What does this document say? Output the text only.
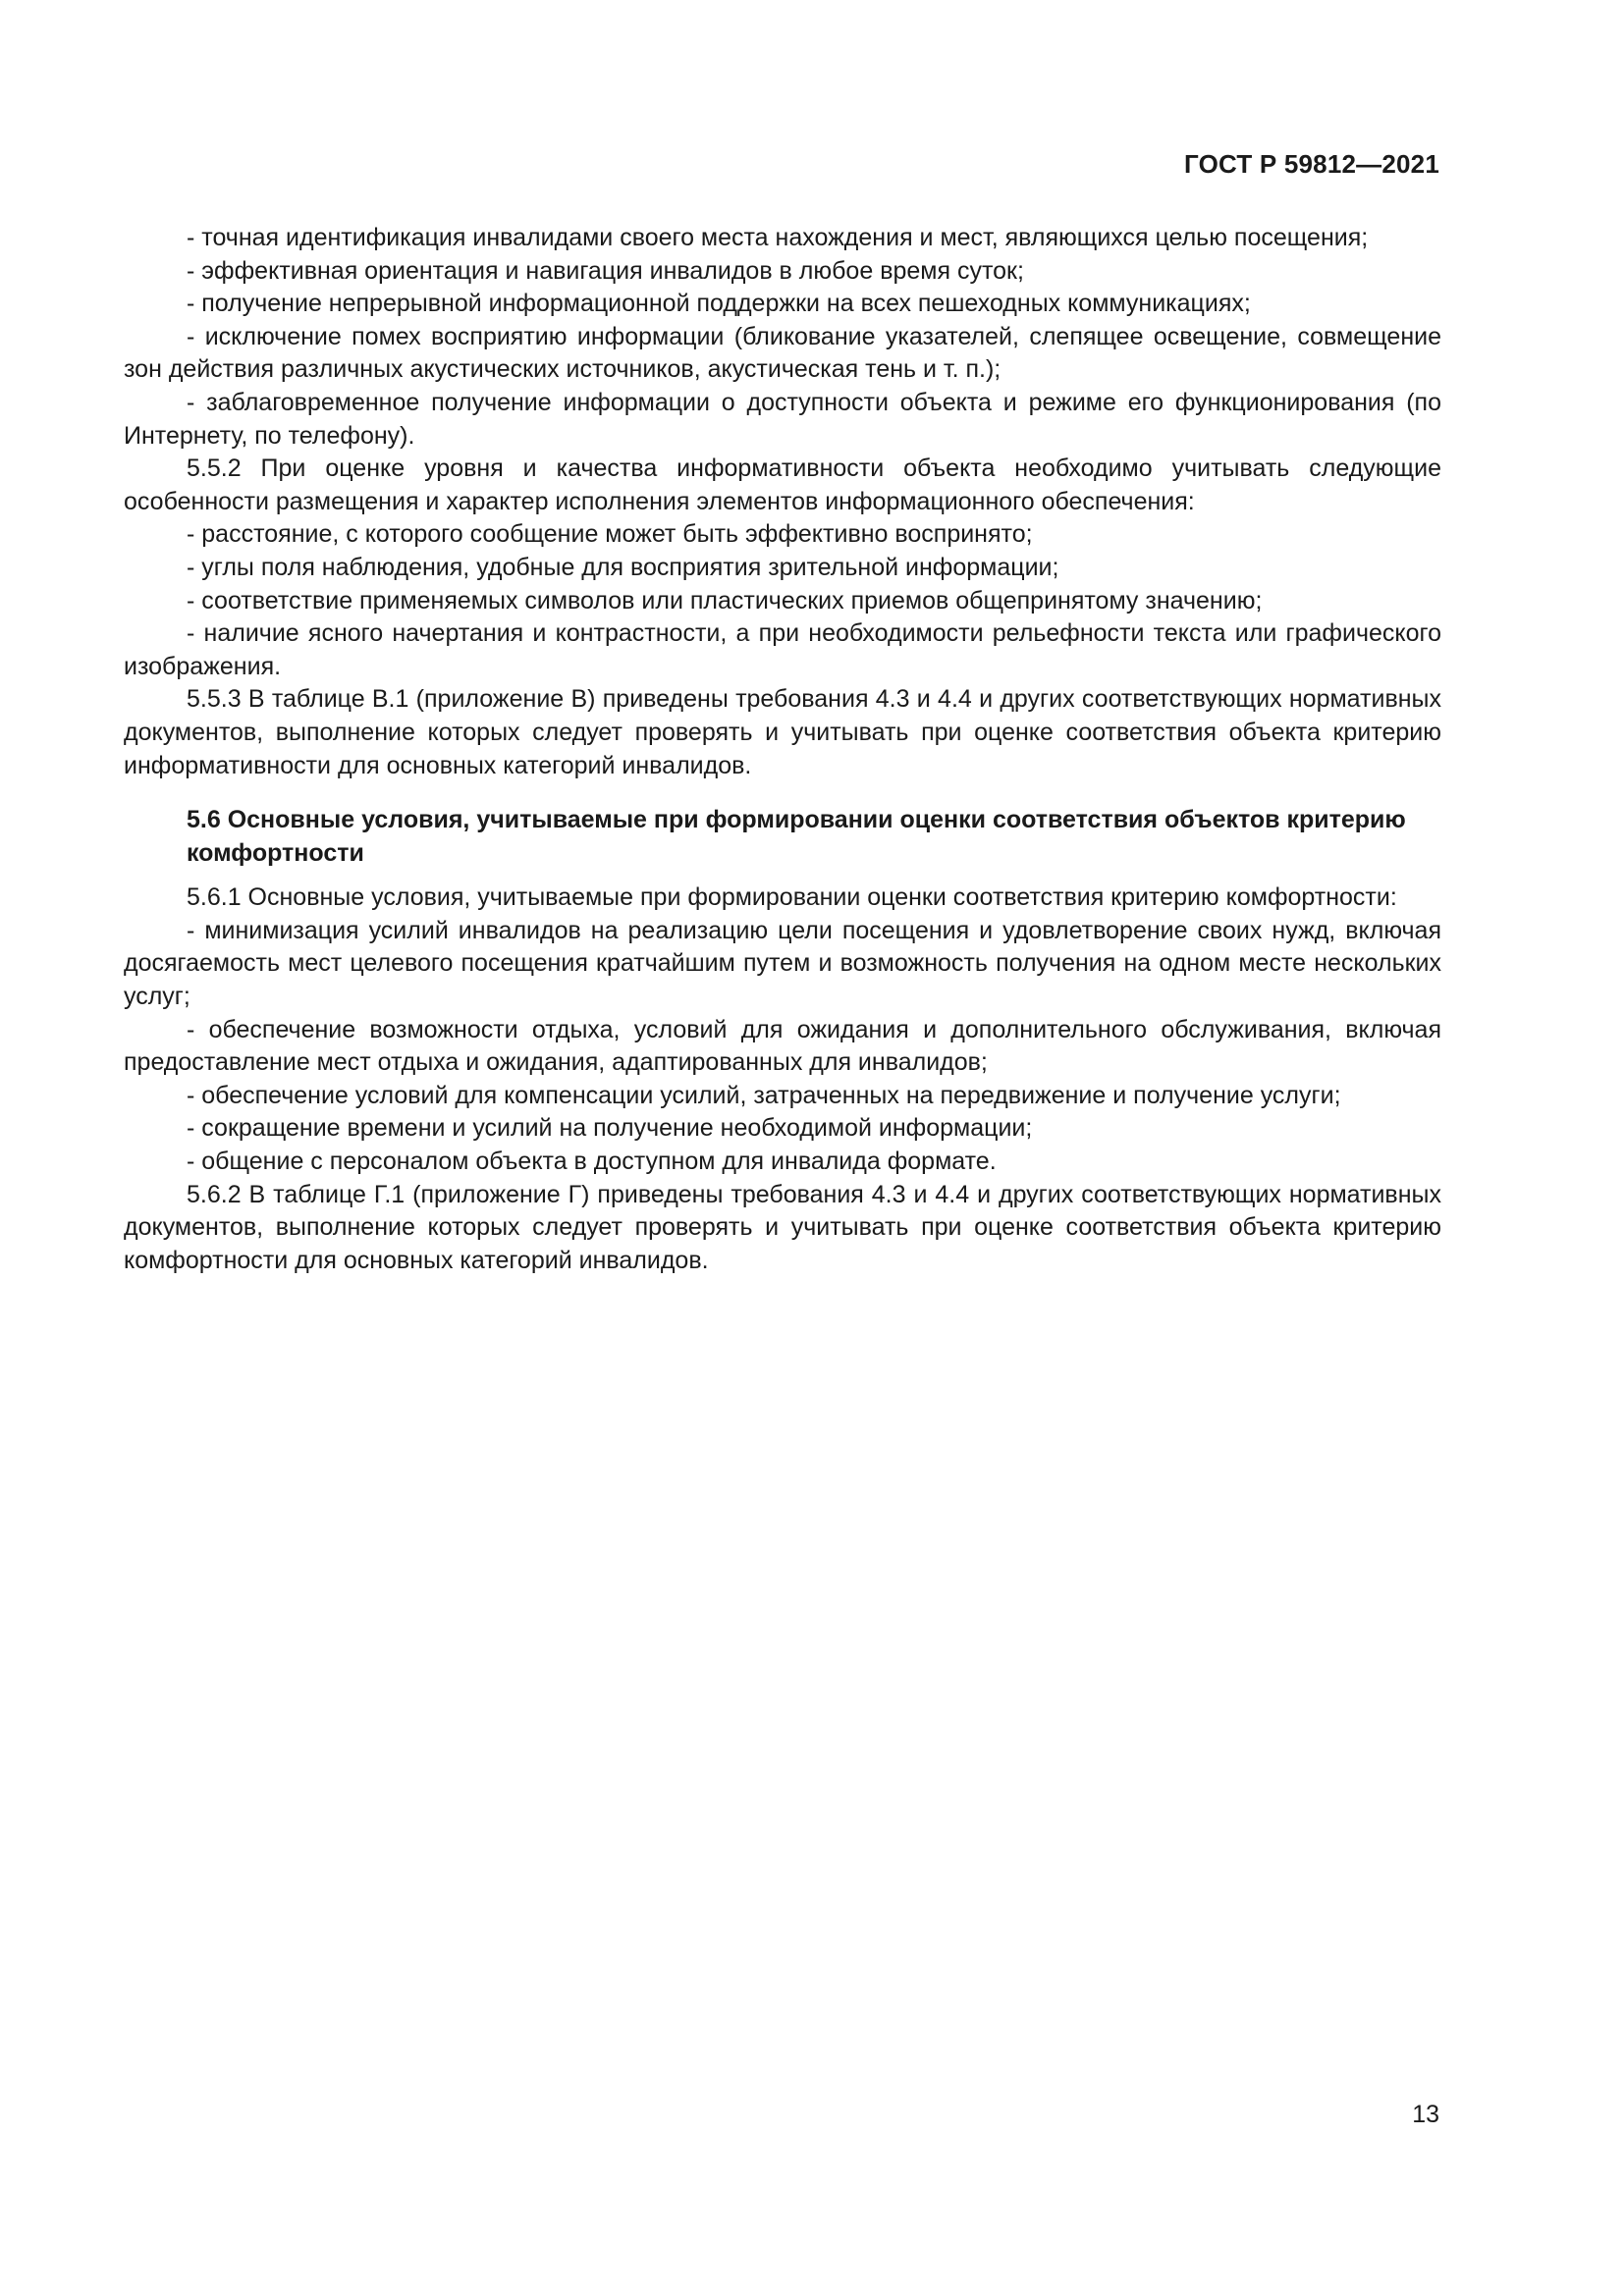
ГОСТ Р 59812—2021

- точная идентификация инвалидами своего места нахождения и мест, являющихся целью посещения;

- эффективная ориентация и навигация инвалидов в любое время суток;

- получение непрерывной информационной поддержки на всех пешеходных коммуникациях;

- исключение помех восприятию информации (бликование указателей, слепящее освещение, совмещение зон действия различных акустических источников, акустическая тень и т. п.);

- заблаговременное получение информации о доступности объекта и режиме его функционирования (по Интернету, по телефону).

5.5.2 При оценке уровня и качества информативности объекта необходимо учитывать следующие особенности размещения и характер исполнения элементов информационного обеспечения:

- расстояние, с которого сообщение может быть эффективно воспринято;

- углы поля наблюдения, удобные для восприятия зрительной информации;

- соответствие применяемых символов или пластических приемов общепринятому значению;

- наличие ясного начертания и контрастности, а при необходимости рельефности текста или графического изображения.

5.5.3 В таблице В.1 (приложение В) приведены требования 4.3 и 4.4 и других соответствующих нормативных документов, выполнение которых следует проверять и учитывать при оценке соответствия объекта критерию информативности для основных категорий инвалидов.

5.6 Основные условия, учитываемые при формировании оценки соответствия объектов критерию комфортности

5.6.1 Основные условия, учитываемые при формировании оценки соответствия критерию комфортности:

- минимизация усилий инвалидов на реализацию цели посещения и удовлетворение своих нужд, включая досягаемость мест целевого посещения кратчайшим путем и возможность получения на одном месте нескольких услуг;

- обеспечение возможности отдыха, условий для ожидания и дополнительного обслуживания, включая предоставление мест отдыха и ожидания, адаптированных для инвалидов;

- обеспечение условий для компенсации усилий, затраченных на передвижение и получение услуги;

- сокращение времени и усилий на получение необходимой информации;

- общение с персоналом объекта в доступном для инвалида формате.

5.6.2 В таблице Г.1 (приложение Г) приведены требования 4.3 и 4.4 и других соответствующих нормативных документов, выполнение которых следует проверять и учитывать при оценке соответствия объекта критерию комфортности для основных категорий инвалидов.

13
